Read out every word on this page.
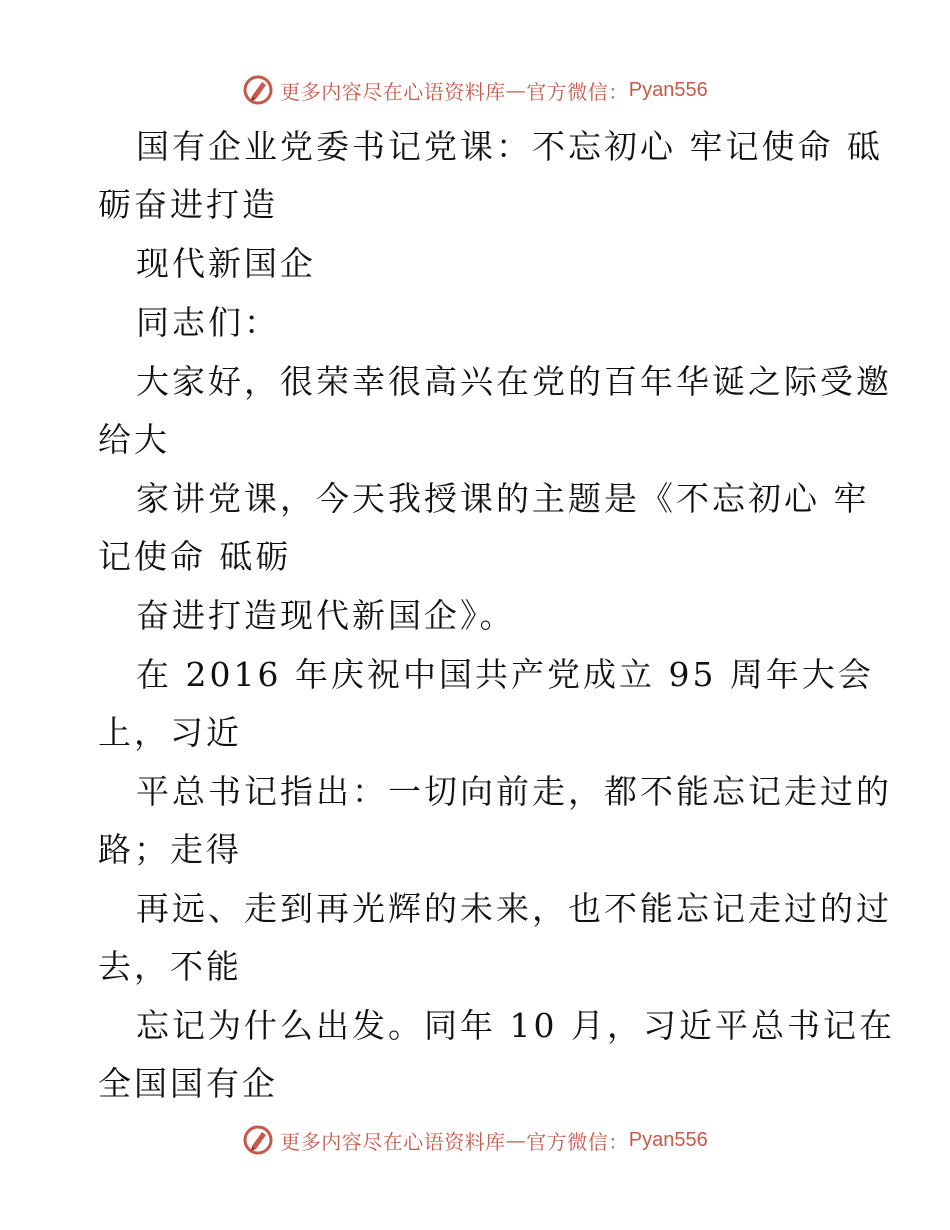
更多内容尽在心语资料库 — 官方微信： Pyan556
国有企业党委书记党课：不忘初心 牢记使命 砥
砺奋进打造
现代新国企
同志们：
大家好，很荣幸很高兴在党的百年华诞之际受邀
给大
家讲党课，今天我授课的主题是《不忘初心 牢
记使命 砥砺
奋进打造现代新国企》。
在 2016 年庆祝中国共产党成立 95 周年大会
上，习近
平总书记指出：一切向前走，都不能忘记走过的
路；走得
再远、走到再光辉的未来，也不能忘记走过的过
去，不能
忘记为什么出发。同年 10 月，习近平总书记在
全国国有企
更多内容尽在心语资料库 — 官方微信： Pyan556
